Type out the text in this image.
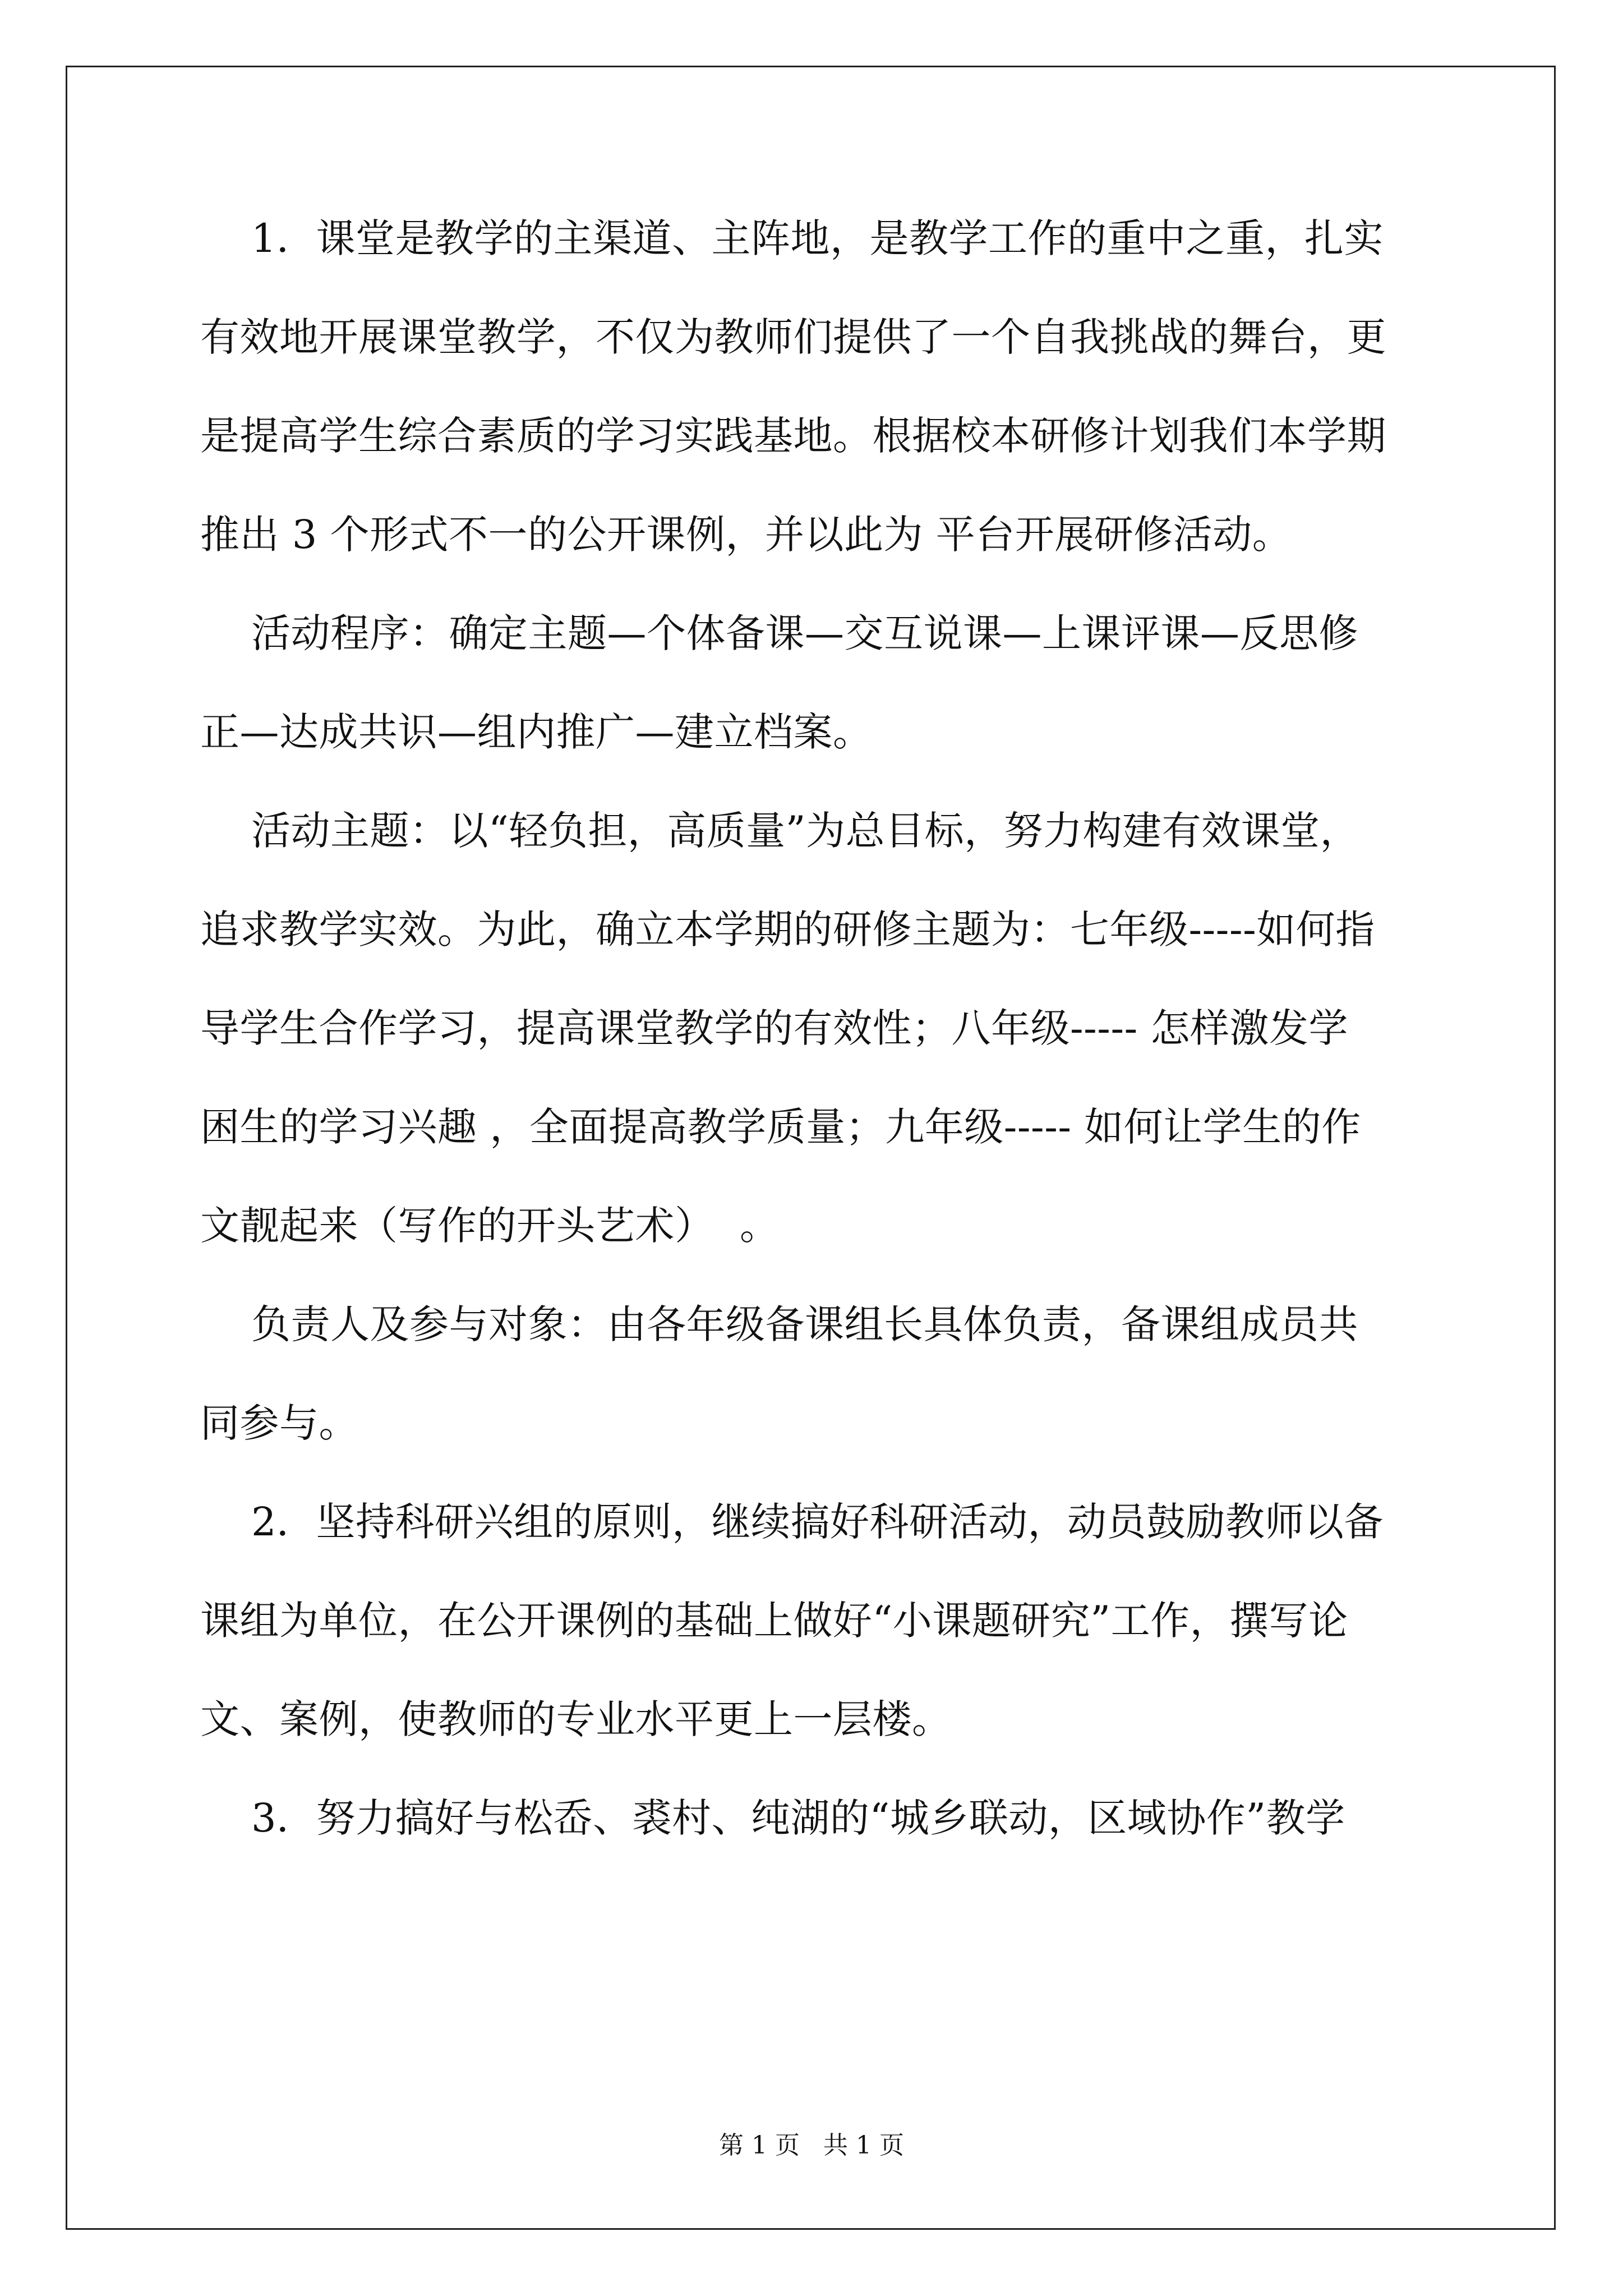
1．课堂是教学的主渠道、主阵地，是教学工作的重中之重，扎实
有效地开展课堂教学，不仅为教师们提供了一个自我挑战的舞台，更
是提高学生综合素质的学习实践基地。根据校本研修计划我们本学期
推出 3 个形式不一的公开课例，并以此为 平台开展研修活动。
活动程序：确定主题—个体备课—交互说课—上课评课—反思修
正—达成共识—组内推广—建立档案。
活动主题：以“轻负担，高质量”为总目标，努力构建有效课堂，
追求教学实效。为此，确立本学期的研修主题为：七年级-----如何指
导学生合作学习，提高课堂教学的有效性；八年级----- 怎样激发学
困生的学习兴趣 ，全面提高教学质量；九年级----- 如何让学生的作
文靓起来（写作的开头艺术）  。
负责人及参与对象：由各年级备课组长具体负责，备课组成员共
同参与。
2．坚持科研兴组的原则，继续搞好科研活动，动员鼓励教师以备
课组为单位，在公开课例的基础上做好“小课题研究”工作，撰写论
文、案例，使教师的专业水平更上一层楼。
3．努力搞好与松岙、裘村、纯湖的“城乡联动，区域协作”教学
第 1 页   共 1 页
